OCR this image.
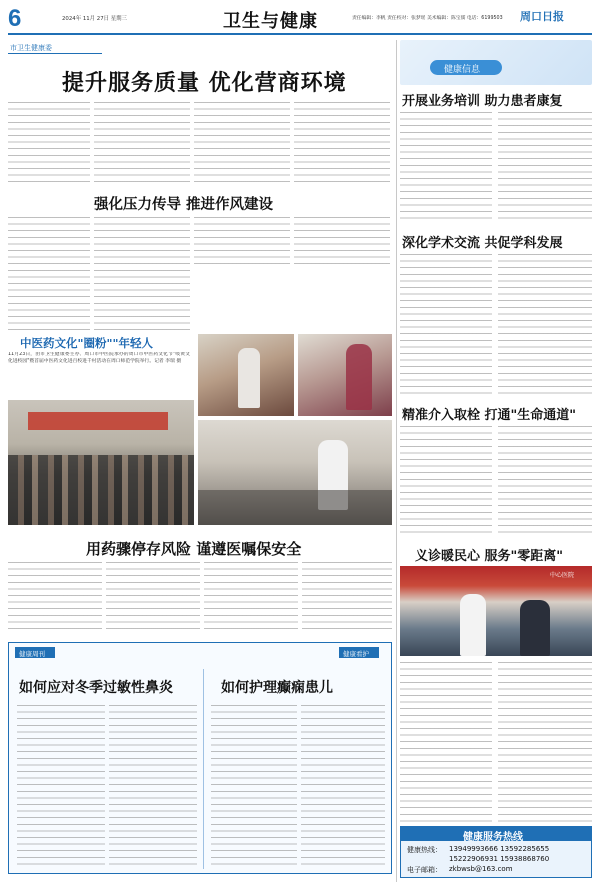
6	2024年 11月 27日 星期三	卫生与健康	责任编辑：李帆 责任校对：张梦瑶 美术编辑：陈宝儒 电话：6199503 周口日报
市卫生健康委
提升服务质量 优化营商环境
强化压力传导 推进作风建设
中医药文化"圈粉""年轻人
11月23日，由市卫生健康委主办、周口市中医院承办的周口市中医药文化节"岐黄文化进校园"暨首届中医药文化进百校进千村活动在周口师范学院举行。记者 李瑞 摄
用药骤停存风险 谨遵医嘱保安全
健康周刊	健康看护
如何应对冬季过敏性鼻炎	如何护理癫痫患儿
健康信息
开展业务培训 助力患者康复
深化学术交流 共促学科发展
精准介入取栓 打通"生命通道"
义诊暖民心 服务"零距离"
中心医院
健康服务热线
健康热线： 13949993666 13592285655
15222906931 15938868760
电子邮箱： zkbwsb@163.com
